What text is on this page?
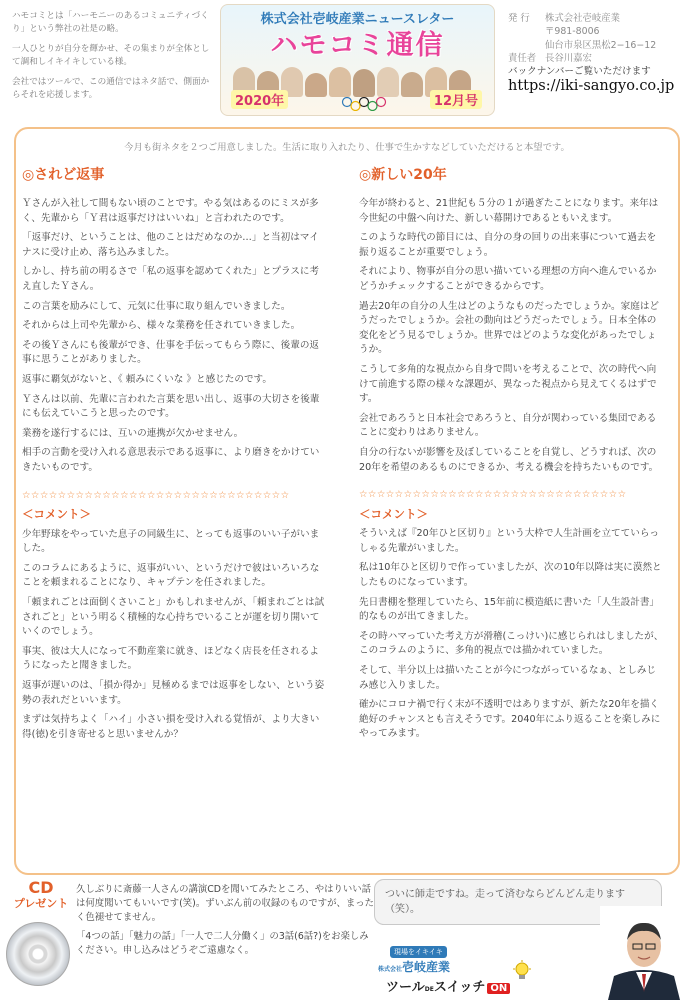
ハモコミとは「ハーモニーのあるコミュニティづくり」という弊社の社是の略。

一人ひとりが自分を輝かせ、その集まりが全体として調和しイキイキしている様。

会社ではツールで、この通信ではネタ話で、側面からそれを応援します。

株式会社壱岐産業ニュースレター
ハモコミ通信
2020年	12月号
発 行	株式会社壱岐産業
〒981-8006
仙台市泉区黒松2−16−12
責任者 長谷川嘉宏
バックナンバーご覧いただけます
https://iki-sangyo.co.jp
今月も街ネタを２つご用意しました。生活に取り入れたり、仕事で生かすなどしていただけると本望です。
◎されど返事

Ｙさんが入社して間もない頃のことです。やる気はあるのにミスが多く、先輩から「Ｙ君は返事だけはいいね」と言われたのです。

「返事だけ、ということは、他のことはだめなのか…」と当初はマイナスに受け止め、落ち込みました。

しかし、持ち前の明るさで「私の返事を認めてくれた」とプラスに考え直したＹさん。

この言葉を励みにして、元気に仕事に取り組んでいきました。

それからは上司や先輩から、様々な業務を任されていきました。

その後Ｙさんにも後輩ができ、仕事を手伝ってもらう際に、後輩の返事に思うことがありました。

返事に覇気がないと、《 頼みにくいな 》と感じたのです。

Ｙさんは以前、先輩に言われた言葉を思い出し、返事の大切さを後輩にも伝えていこうと思ったのです。

業務を遂行するには、互いの連携が欠かせません。

相手の言動を受け入れる意思表示である返事に、より磨きをかけていきたいものです。

☆☆☆☆☆☆☆☆☆☆☆☆☆☆☆☆☆☆☆☆☆☆☆☆☆☆☆☆☆☆
＜コメント＞

少年野球をやっていた息子の同級生に、とっても返事のいい子がいました。

このコラムにあるように、返事がいい、というだけで彼はいろいろなことを頼まれることになり、キャプテンを任されました。

「頼まれごとは面倒くさいこと」かもしれませんが、「頼まれごとは試されごと」という明るく積極的な心持ちでいることが運を切り開いていくのでしょう。

事実、彼は大人になって不動産業に就き、ほどなく店長を任されるようになったと聞きました。

返事が遅いのは、「損か得か」見極めるまでは返事をしない、という姿勢の表れだといいます。

まずは気持ちよく「ハイ」小さい損を受け入れる覚悟が、より大きい得(徳)を引き寄せると思いませんか？

◎新しい20年

今年が終わると、21世紀も５分の１が過ぎたことになります。来年は今世紀の中盤へ向けた、新しい幕開けであるともいえます。

このような時代の節目には、自分の身の回りの出来事について過去を振り返ることが重要でしょう。

それにより、物事が自分の思い描いている理想の方向へ進んでいるかどうかチェックすることができるからです。

過去20年の自分の人生はどのようなものだったでしょうか。家庭はどうだったでしょうか。会社の動向はどうだったでしょう。日本全体の変化をどう見るでしょうか。世界ではどのような変化があったでしょうか。

こうして多角的な視点から自身で問いを考えることで、次の時代へ向けて前進する際の様々な課題が、異なった視点から見えてくるはずです。

会社であろうと日本社会であろうと、自分が関わっている集団であることに変わりはありません。

自分の行ないが影響を及ぼしていることを自覚し、どうすれば、次の20年を希望のあるものにできるか、考える機会を持ちたいものです。

☆☆☆☆☆☆☆☆☆☆☆☆☆☆☆☆☆☆☆☆☆☆☆☆☆☆☆☆☆☆
＜コメント＞

そういえば『20年ひと区切り』という大枠で人生計画を立てていらっしゃる先輩がいました。

私は10年ひと区切りで作っていましたが、次の10年以降は実に漠然としたものになっています。

先日書棚を整理していたら、15年前に模造紙に書いた「人生設計書」的なものが出てきました。

その時ハマっていた考え方が滑稽(こっけい)に感じられはしましたが、このコラムのように、多角的視点では描かれていました。

そして、半分以上は描いたことが今につながっているなぁ、としみじみ感じ入りました。

確かにコロナ禍で行く末が不透明ではありますが、新たな20年を描く絶好のチャンスとも言えそうです。2040年にふり返ることを楽しみにやってみます。

CD
プレゼント

久しぶりに斎藤一人さんの講演CDを聞いてみたところ、やはりいい話は何度聞いてもいいです(笑)。ずいぶん前の収録のものですが、まったく色褪せてません。

「4つの話」「魅力の話」「一人で二人分働く」の3話(6話?)をお楽しみください。申し込みはどうぞご遠慮なく。

ついに師走ですね。走って済むならどんどん走ります（笑）。
現場をイキイキ
株式会社壱岐産業
ツールDEスイッチ ON
